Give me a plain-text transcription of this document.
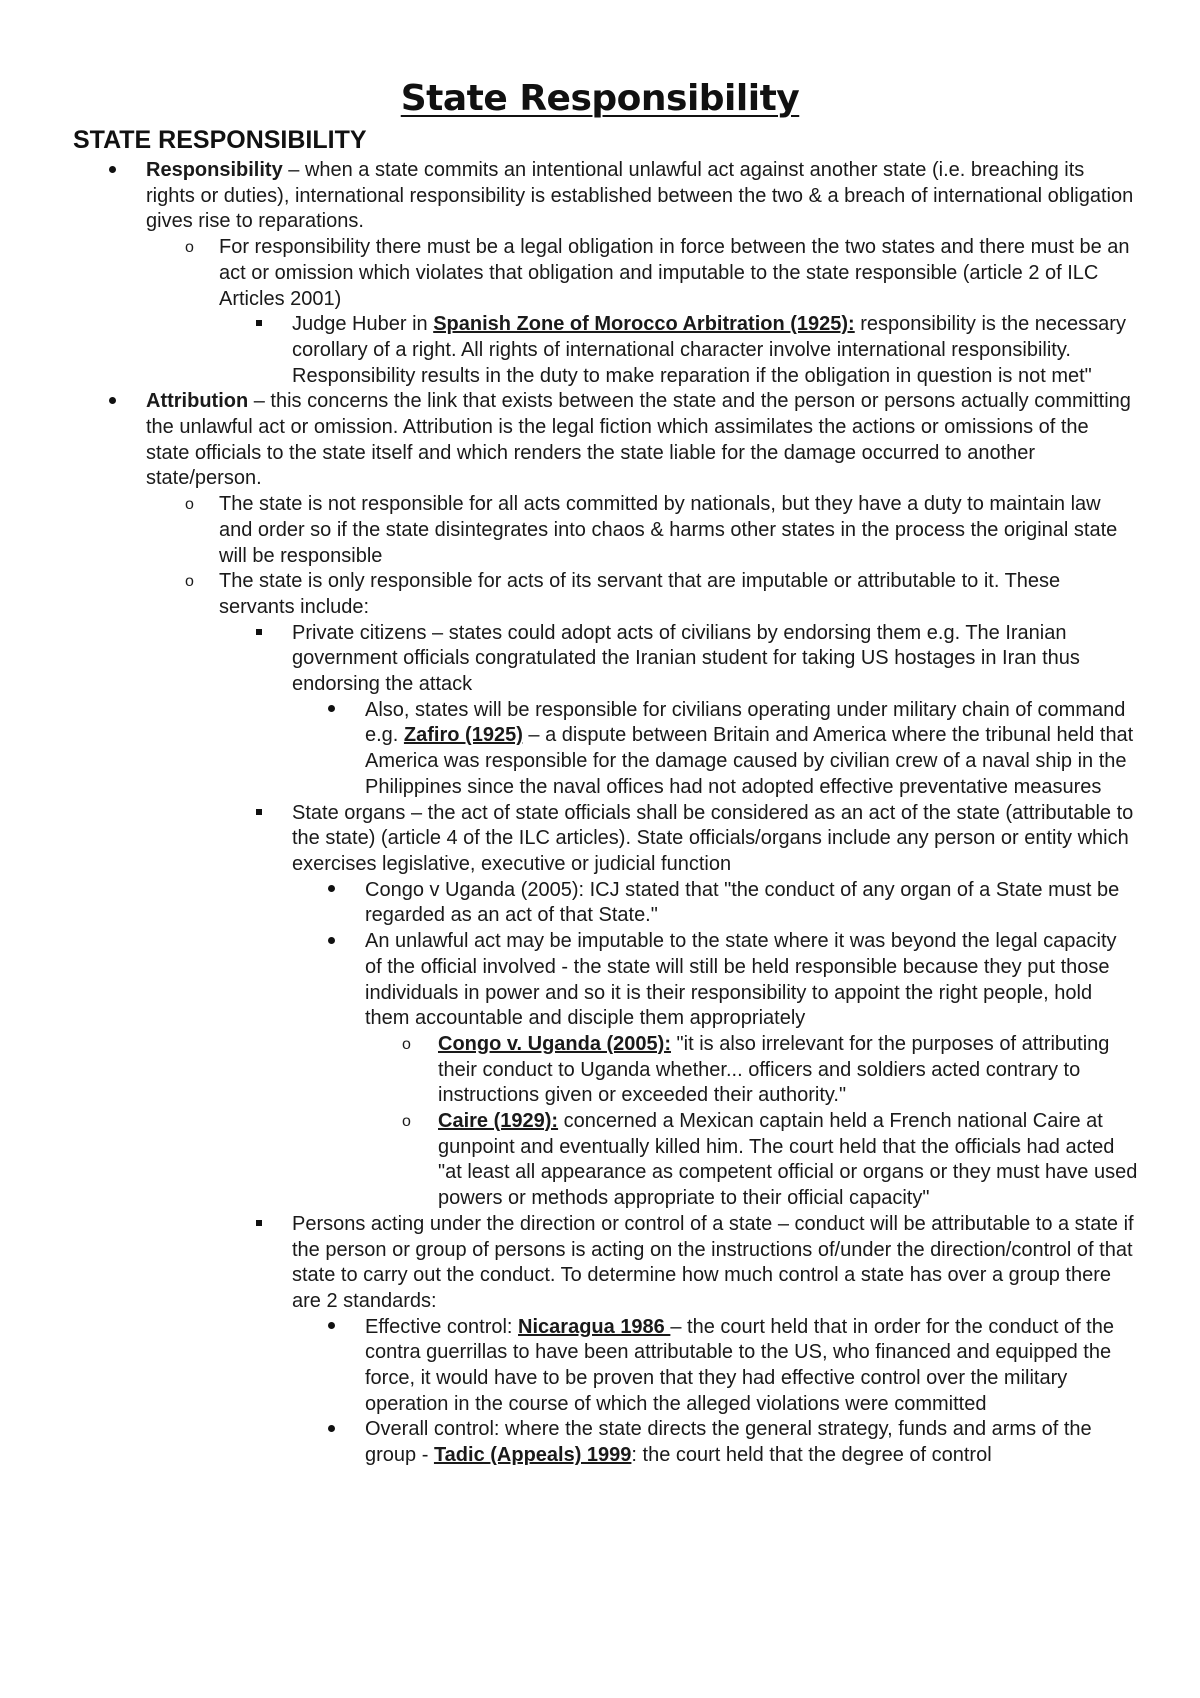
State Responsibility
STATE RESPONSIBILITY
Responsibility – when a state commits an intentional unlawful act against another state (i.e. breaching its rights or duties), international responsibility is established between the two & a breach of international obligation gives rise to reparations.
o For responsibility there must be a legal obligation in force between the two states and there must be an act or omission which violates that obligation and imputable to the state responsible (article 2 of ILC Articles 2001)
Judge Huber in Spanish Zone of Morocco Arbitration (1925): responsibility is the necessary corollary of a right. All rights of international character involve international responsibility. Responsibility results in the duty to make reparation if the obligation in question is not met"
Attribution – this concerns the link that exists between the state and the person or persons actually committing the unlawful act or omission. Attribution is the legal fiction which assimilates the actions or omissions of the state officials to the state itself and which renders the state liable for the damage occurred to another state/person.
o The state is not responsible for all acts committed by nationals, but they have a duty to maintain law and order so if the state disintegrates into chaos & harms other states in the process the original state will be responsible
o The state is only responsible for acts of its servant that are imputable or attributable to it. These servants include:
Private citizens – states could adopt acts of civilians by endorsing them e.g. The Iranian government officials congratulated the Iranian student for taking US hostages in Iran thus endorsing the attack
Also, states will be responsible for civilians operating under military chain of command e.g. Zafiro (1925) – a dispute between Britain and America where the tribunal held that America was responsible for the damage caused by civilian crew of a naval ship in the Philippines since the naval offices had not adopted effective preventative measures
State organs – the act of state officials shall be considered as an act of the state (attributable to the state) (article 4 of the ILC articles). State officials/organs include any person or entity which exercises legislative, executive or judicial function
Congo v Uganda (2005): ICJ stated that "the conduct of any organ of a State must be regarded as an act of that State."
An unlawful act may be imputable to the state where it was beyond the legal capacity of the official involved - the state will still be held responsible because they put those individuals in power and so it is their responsibility to appoint the right people, hold them accountable and disciple them appropriately
o Congo v. Uganda (2005): "it is also irrelevant for the purposes of attributing their conduct to Uganda whether... officers and soldiers acted contrary to instructions given or exceeded their authority."
o Caire (1929): concerned a Mexican captain held a French national Caire at gunpoint and eventually killed him. The court held that the officials had acted "at least all appearance as competent official or organs or they must have used powers or methods appropriate to their official capacity"
Persons acting under the direction or control of a state – conduct will be attributable to a state if the person or group of persons is acting on the instructions of/under the direction/control of that state to carry out the conduct. To determine how much control a state has over a group there are 2 standards:
Effective control: Nicaragua 1986 – the court held that in order for the conduct of the contra guerrillas to have been attributable to the US, who financed and equipped the force, it would have to be proven that they had effective control over the military operation in the course of which the alleged violations were committed
Overall control: where the state directs the general strategy, funds and arms of the group - Tadic (Appeals) 1999: the court held that the degree of control
